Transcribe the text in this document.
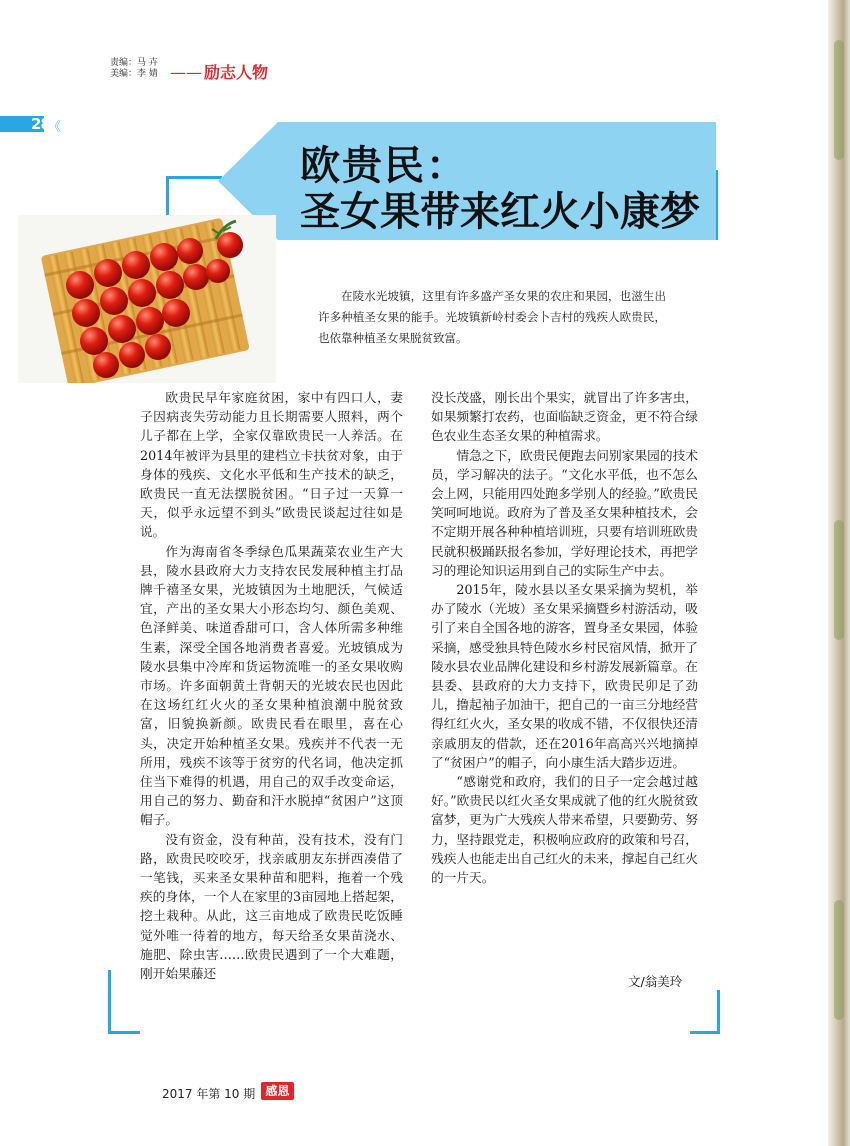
责编：马 卉
美编：李 婧 —— 励志人物
28
《
欧贵民：
圣女果带来红火小康梦
在陵水光坡镇，这里有许多盛产圣女果的农庄和果园，也滋生出许多种植圣女果的能手。光坡镇新岭村委会卜吉村的残疾人欧贵民，也依靠种植圣女果脱贫致富。

欧贵民早年家庭贫困，家中有四口人，妻子因病丧失劳动能力且长期需要人照料，两个儿子都在上学，全家仅靠欧贵民一人养活。在2014年被评为县里的建档立卡扶贫对象，由于身体的残疾、文化水平低和生产技术的缺乏，欧贵民一直无法摆脱贫困。“日子过一天算一天，似乎永远望不到头”欧贵民谈起过往如是说。

作为海南省冬季绿色瓜果蔬菜农业生产大县，陵水县政府大力支持农民发展种植主打品牌千禧圣女果，光坡镇因为土地肥沃，气候适宜，产出的圣女果大小形态均匀、颜色美观、色泽鲜美、味道香甜可口，含人体所需多种维生素，深受全国各地消费者喜爱。光坡镇成为陵水县集中冷库和货运物流唯一的圣女果收购市场。许多面朝黄土背朝天的光坡农民也因此在这场红红火火的圣女果种植浪潮中脱贫致富，旧貌换新颜。欧贵民看在眼里，喜在心头，决定开始种植圣女果。残疾并不代表一无所用，残疾不该等于贫穷的代名词，他决定抓住当下难得的机遇，用自己的双手改变命运，用自己的努力、勤奋和汗水脱掉“贫困户”这顶帽子。

没有资金，没有种苗，没有技术，没有门路，欧贵民咬咬牙，找亲戚朋友东拼西凑借了一笔钱，买来圣女果种苗和肥料，拖着一个残疾的身体，一个人在家里的3亩园地上搭起架，挖土栽种。从此，这三亩地成了欧贵民吃饭睡觉外唯一待着的地方，每天给圣女果苗浇水、施肥、除虫害……欧贵民遇到了一个大难题，刚开始果藤还

没长茂盛，刚长出个果实，就冒出了许多害虫，如果频繁打农药，也面临缺乏资金，更不符合绿色农业生态圣女果的种植需求。

情急之下，欧贵民便跑去问别家果园的技术员，学习解决的法子。“文化水平低，也不怎么会上网，只能用四处跑多学别人的经验。”欧贵民笑呵呵地说。政府为了普及圣女果种植技术，会不定期开展各种种植培训班，只要有培训班欧贵民就积极踊跃报名参加，学好理论技术，再把学习的理论知识运用到自己的实际生产中去。

2015年，陵水县以圣女果采摘为契机，举办了陵水（光坡）圣女果采摘暨乡村游活动，吸引了来自全国各地的游客，置身圣女果园，体验采摘，感受独具特色陵水乡村民宿风情，掀开了陵水县农业品牌化建设和乡村游发展新篇章。在县委、县政府的大力支持下，欧贵民卯足了劲儿，撸起袖子加油干，把自己的一亩三分地经营得红红火火，圣女果的收成不错，不仅很快还清亲戚朋友的借款，还在2016年高高兴兴地摘掉了“贫困户”的帽子，向小康生活大踏步迈进。

“感谢党和政府，我们的日子一定会越过越好。”欧贵民以红火圣女果成就了他的红火脱贫致富梦，更为广大残疾人带来希望，只要勤劳、努力，坚持跟党走，积极响应政府的政策和号召，残疾人也能走出自己红火的未来，撑起自己红火的一片天。

文/翁美玲
2017 年第 10 期 感恩
